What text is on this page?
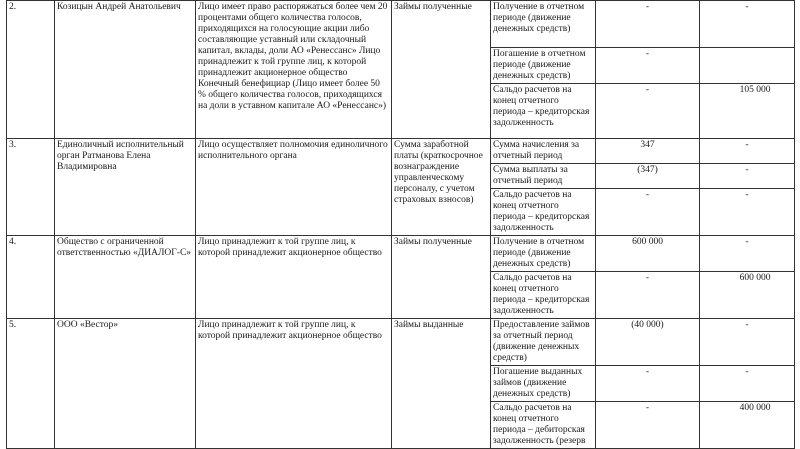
2.	Козицын Андрей Анатольевич	Лицо имеет право распоряжаться более чем 20 процентами общего количества голосов, приходящихся на голосующие акции либо составляющие уставный или складочный капитал, вклады, доли АО «Ренессанс» Лицо принадлежит к той группе лиц, к которой принадлежит акционерное общество Конечный бенефициар (Лицо имеет более 50 % общего количества голосов, приходящихся на доли в уставном капитале АО «Ренессанс»)	Займы полученные	Получение в отчетном периоде (движение денежных средств)	-	-
				Погашение в отчетном периоде (движение денежных средств)	-	
				Сальдо расчетов на конец отчетного периода – кредиторская задолженность	-	105 000
3.	Единоличный исполнительный орган Ратманова Елена Владимировна	Лицо осуществляет полномочия единоличного исполнительного органа	Сумма заработной платы (краткосрочное вознаграждение управленческому персоналу, с учетом страховых взносов)	Сумма начисления за отчетный период	347	-
				Сумма выплаты за отчетный период	(347)	-
				Сальдо расчетов на конец отчетного периода – кредиторская задолженность	-	-
4.	Общество с ограниченной ответственностью «ДИАЛОГ-С»	Лицо принадлежит к той группе лиц, к которой принадлежит акционерное общество	Займы полученные	Получение в отчетном периоде (движение денежных средств)	600 000	-
				Сальдо расчетов на конец отчетного периода – кредиторская задолженность	-	600 000
5.	ООО «Вестор»	Лицо принадлежит к той группе лиц, к которой принадлежит акционерное общество	Займы выданные	Предоставление займов за отчетный период (движение денежных средств)	(40 000)	-
				Погашение выданных займов (движение денежных средств)	-	-
				Сальдо расчетов на конец отчетного периода – дебиторская задолженность (резерв	-	400 000
